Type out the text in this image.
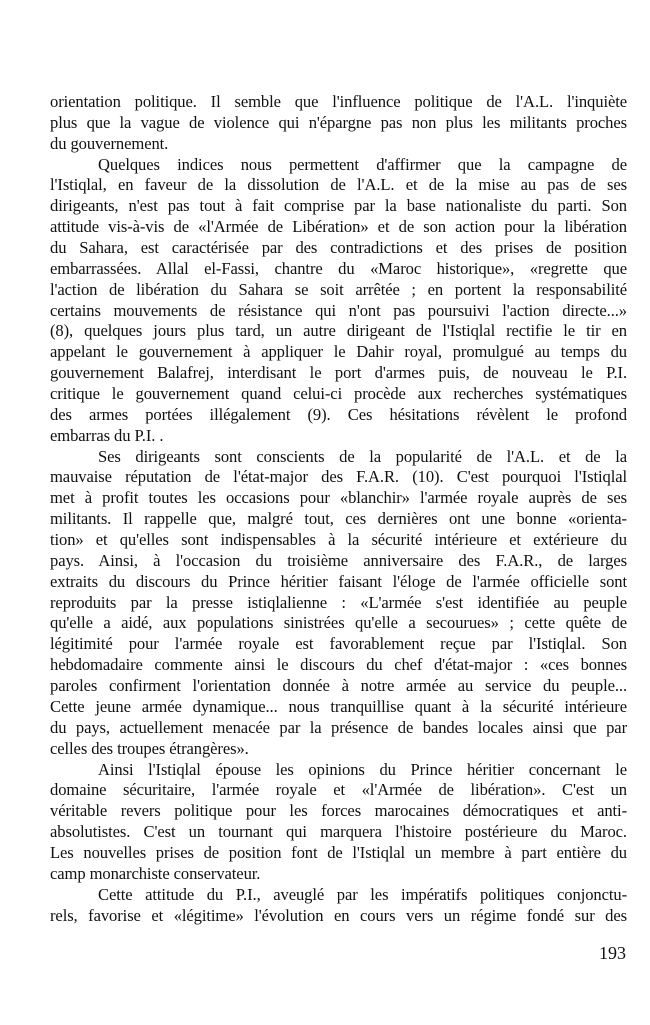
orientation politique. Il semble que l'influence politique de l'A.L. l'inquiète
plus que la vague de violence qui n'épargne pas non plus les militants proches
du gouvernement.
Quelques indices nous permettent d'affirmer que la campagne de
l'Istiqlal, en faveur de la dissolution de l'A.L. et de la mise au pas de ses
dirigeants, n'est pas tout à fait comprise par la base nationaliste du parti. Son
attitude vis-à-vis de «l'Armée de Libération» et de son action pour la libération
du Sahara, est caractérisée par des contradictions et des prises de position
embarrassées. Allal el-Fassi, chantre du «Maroc historique», «regrette que
l'action de libération du Sahara se soit arrêtée ; en portent la responsabilité
certains mouvements de résistance qui n'ont pas poursuivi l'action directe...»
(8), quelques jours plus tard, un autre dirigeant de l'Istiqlal rectifie le tir en
appelant le gouvernement à appliquer le Dahir royal, promulgué au temps du
gouvernement Balafrej, interdisant le port d'armes puis, de nouveau le P.I.
critique le gouvernement quand celui-ci procède aux recherches systématiques
des armes portées illégalement (9). Ces hésitations révèlent le profond
embarras du P.I. .
Ses dirigeants sont conscients de la popularité de l'A.L. et de la
mauvaise réputation de l'état-major des F.A.R. (10). C'est pourquoi l'Istiqlal
met à profit toutes les occasions pour «blanchir» l'armée royale auprès de ses
militants. Il rappelle que, malgré tout, ces dernières ont une bonne «orienta-
tion» et qu'elles sont indispensables à la sécurité intérieure et extérieure du
pays. Ainsi, à l'occasion du troisième anniversaire des F.A.R., de larges
extraits du discours du Prince héritier faisant l'éloge de l'armée officielle sont
reproduits par la presse istiqlalienne : «L'armée s'est identifiée au peuple
qu'elle a aidé, aux populations sinistrées qu'elle a secourues» ; cette quête de
légitimité pour l'armée royale est favorablement reçue par l'Istiqlal. Son
hebdomadaire commente ainsi le discours du chef d'état-major : «ces bonnes
paroles confirment l'orientation donnée à notre armée au service du peuple...
Cette jeune armée dynamique... nous tranquillise quant à la sécurité intérieure
du pays, actuellement menacée par la présence de bandes locales ainsi que par
celles des troupes étrangères».
Ainsi l'Istiqlal épouse les opinions du Prince héritier concernant le
domaine sécuritaire, l'armée royale et «l'Armée de libération». C'est un
véritable revers politique pour les forces marocaines démocratiques et anti-
absolutistes. C'est un tournant qui marquera l'histoire postérieure du Maroc.
Les nouvelles prises de position font de l'Istiqlal un membre à part entière du
camp monarchiste conservateur.
Cette attitude du P.I., aveuglé par les impératifs politiques conjonctu-
rels, favorise et «légitime» l'évolution en cours vers un régime fondé sur des
193
